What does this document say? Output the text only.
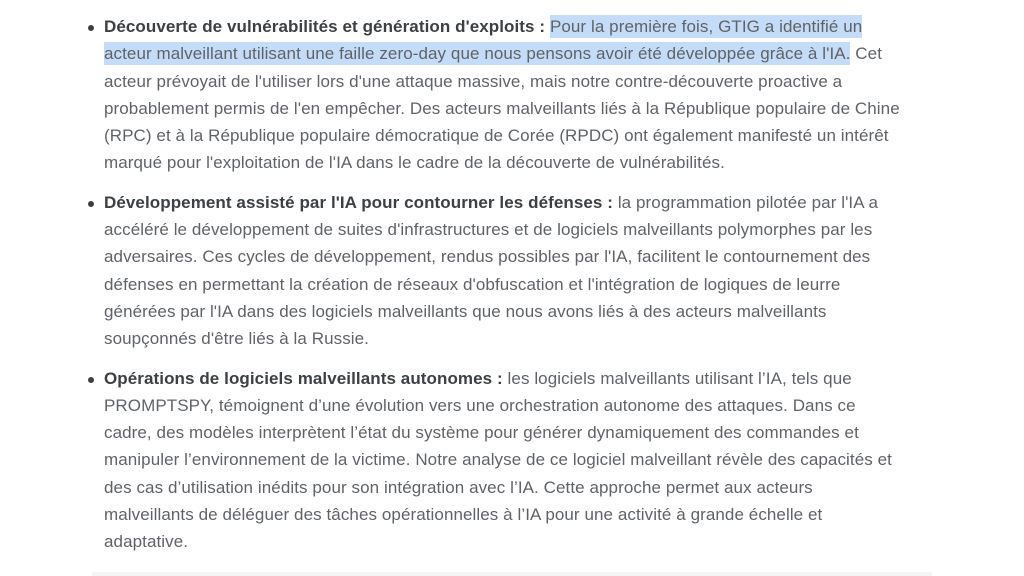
Découverte de vulnérabilités et génération d'exploits : Pour la première fois, GTIG a identifié un acteur malveillant utilisant une faille zero-day que nous pensons avoir été développée grâce à l'IA. Cet acteur prévoyait de l'utiliser lors d'une attaque massive, mais notre contre-découverte proactive a probablement permis de l'en empêcher. Des acteurs malveillants liés à la République populaire de Chine (RPC) et à la République populaire démocratique de Corée (RPDC) ont également manifesté un intérêt marqué pour l'exploitation de l'IA dans le cadre de la découverte de vulnérabilités.
Développement assisté par l'IA pour contourner les défenses : la programmation pilotée par l'IA a accéléré le développement de suites d'infrastructures et de logiciels malveillants polymorphes par les adversaires. Ces cycles de développement, rendus possibles par l'IA, facilitent le contournement des défenses en permettant la création de réseaux d'obfuscation et l'intégration de logiques de leurre générées par l'IA dans des logiciels malveillants que nous avons liés à des acteurs malveillants soupçonnés d'être liés à la Russie.
Opérations de logiciels malveillants autonomes : les logiciels malveillants utilisant l’IA, tels que PROMPTSPY, témoignent d’une évolution vers une orchestration autonome des attaques. Dans ce cadre, des modèles interprètent l’état du système pour générer dynamiquement des commandes et manipuler l’environnement de la victime. Notre analyse de ce logiciel malveillant révèle des capacités et des cas d’utilisation inédits pour son intégration avec l’IA. Cette approche permet aux acteurs malveillants de déléguer des tâches opérationnelles à l’IA pour une activité à grande échelle et adaptative.
